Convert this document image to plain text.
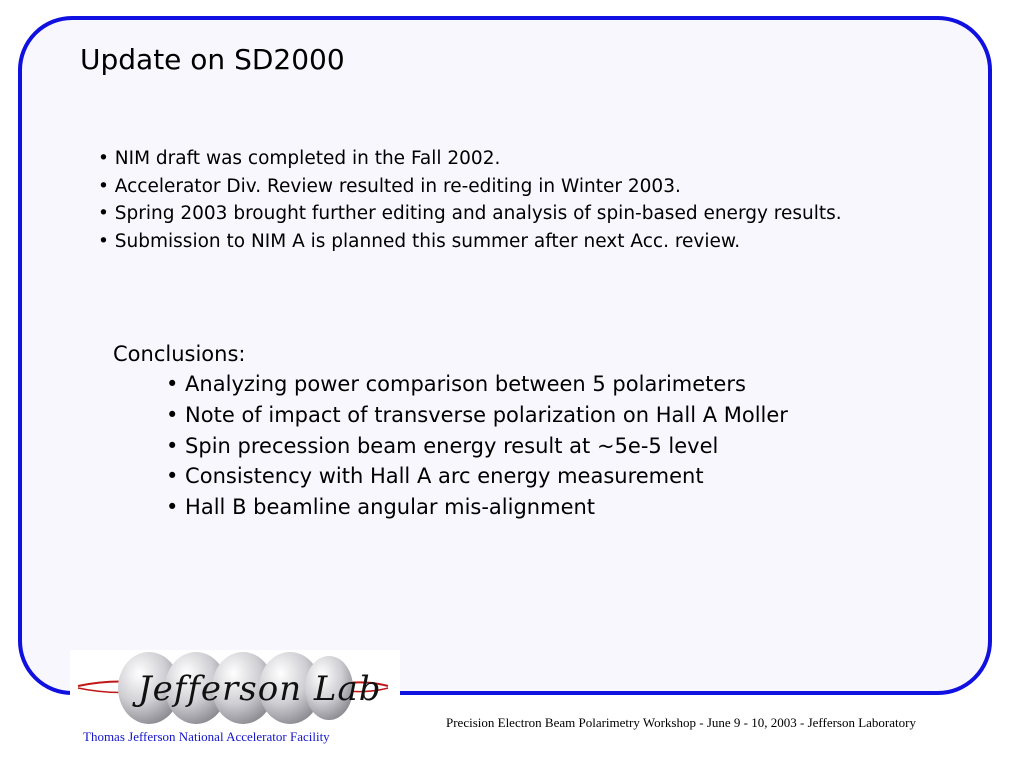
Update on SD2000
• NIM draft was completed in the Fall 2002.
• Accelerator Div. Review resulted in re-editing in Winter 2003.
• Spring 2003 brought further editing and analysis of spin-based energy results.
• Submission to NIM A is planned this summer after next Acc. review.
Conclusions:
• Analyzing power comparison between 5 polarimeters
• Note of impact of transverse polarization on Hall A Moller
• Spin precession beam energy result at ~5e-5 level
• Consistency with Hall A arc energy measurement
• Hall B beamline angular mis-alignment
Jefferson Lab
Thomas Jefferson National Accelerator Facility
Precision Electron Beam Polarimetry Workshop - June 9 - 10, 2003 - Jefferson Laboratory
